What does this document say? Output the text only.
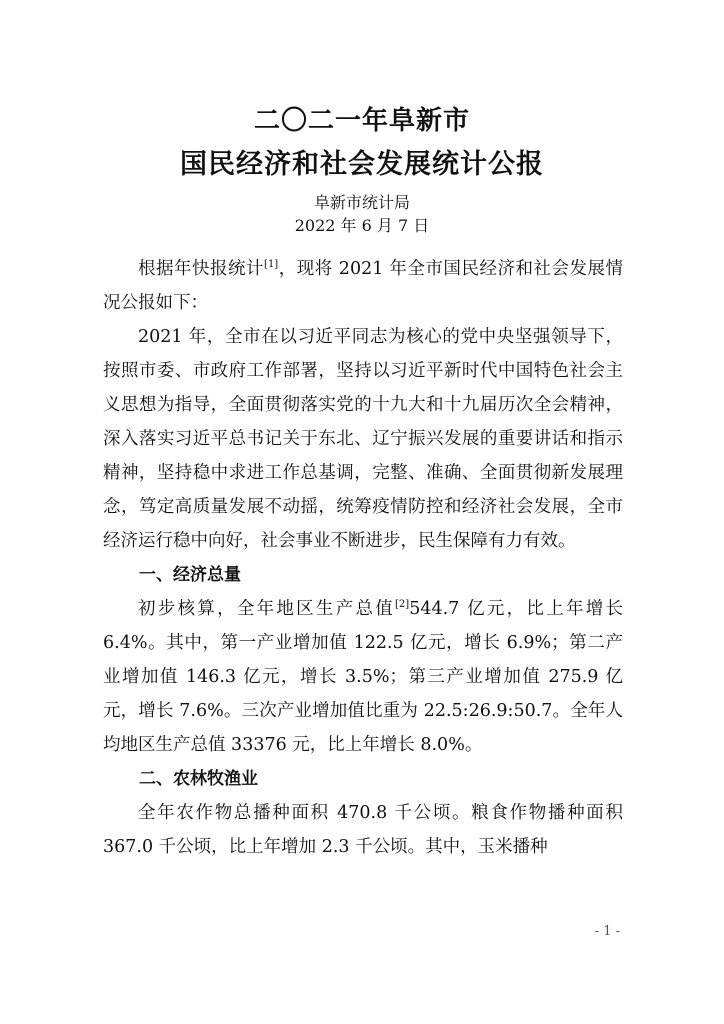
二〇二一年阜新市
国民经济和社会发展统计公报
阜新市统计局
2022 年 6 月 7 日

根据年快报统计[1]，现将 2021 年全市国民经济和社会发展情况公报如下：

2021 年，全市在以习近平同志为核心的党中央坚强领导下，按照市委、市政府工作部署，坚持以习近平新时代中国特色社会主义思想为指导，全面贯彻落实党的十九大和十九届历次全会精神，深入落实习近平总书记关于东北、辽宁振兴发展的重要讲话和指示精神，坚持稳中求进工作总基调，完整、准确、全面贯彻新发展理念，笃定高质量发展不动摇，统筹疫情防控和经济社会发展，全市经济运行稳中向好，社会事业不断进步，民生保障有力有效。

一、经济总量

初步核算，全年地区生产总值[2]544.7 亿元，比上年增长 6.4%。其中，第一产业增加值 122.5 亿元，增长 6.9%；第二产业增加值 146.3 亿元，增长 3.5%；第三产业增加值 275.9 亿元，增长 7.6%。三次产业增加值比重为 22.5:26.9:50.7。全年人均地区生产总值 33376 元，比上年增长 8.0%。

二、农林牧渔业

全年农作物总播种面积 470.8 千公顷。粮食作物播种面积 367.0 千公顷，比上年增加 2.3 千公顷。其中，玉米播种

- 1 -
